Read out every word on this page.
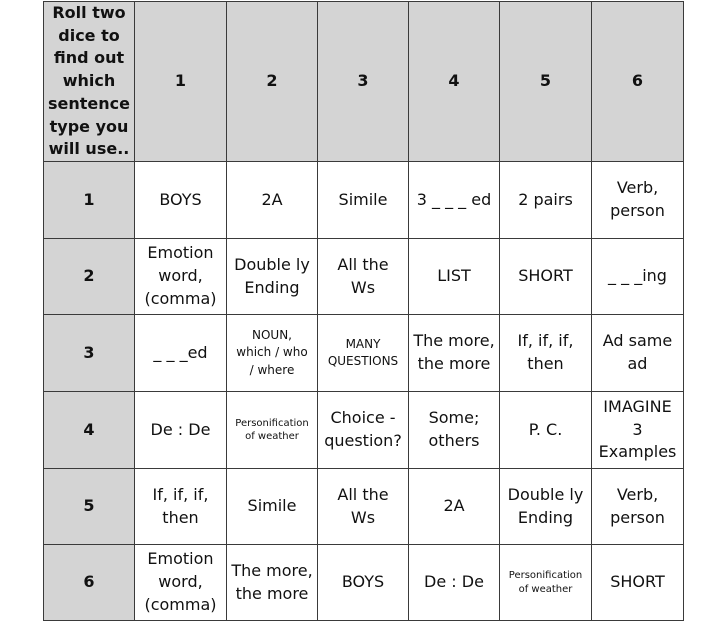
Roll two dice to find out which sentence type you will use..	1	2	3	4	5	6
1	BOYS	2A	Simile	3 _ _ _ ed	2 pairs	Verb,
person
2	Emotion
word,
(comma)	Double ly
Ending	All the
Ws	LIST	SHORT	_ _ _ing
3	_ _ _ed	NOUN,
which / who
/ where	MANY
QUESTIONS	The more,
the more	If, if, if,
then	Ad same
ad
4	De : De	Personification
of weather	Choice -
question?	Some;
others	P. C.	IMAGINE
3
Examples
5	If, if, if,
then	Simile	All the
Ws	2A	Double ly
Ending	Verb,
person
6	Emotion
word,
(comma)	The more,
the more	BOYS	De : De	Personification
of weather	SHORT
